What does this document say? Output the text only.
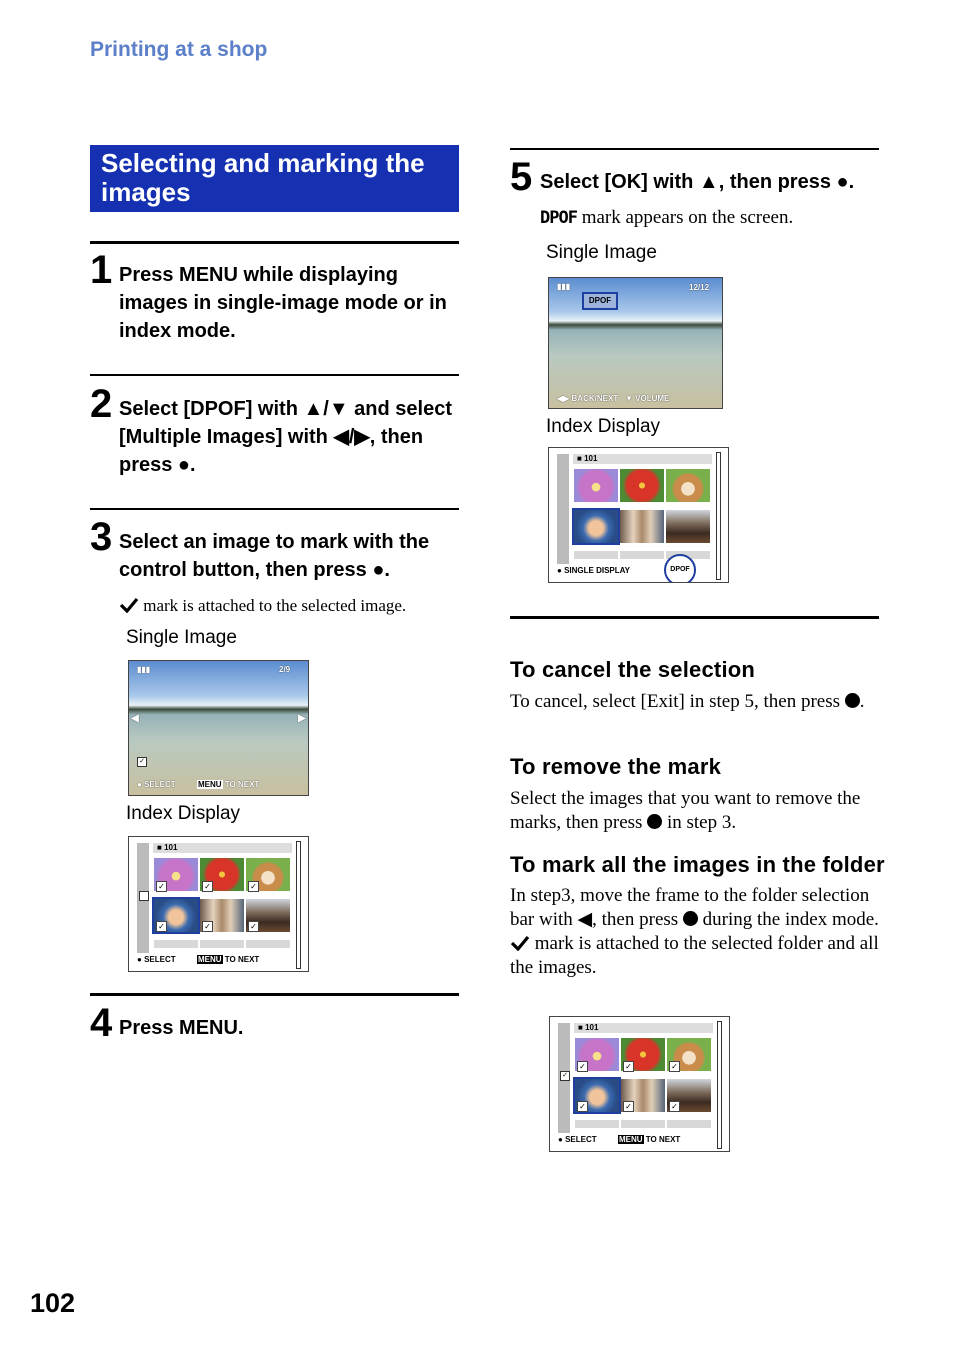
Printing at a shop
Selecting and marking the images
1 Press MENU while displaying images in single-image mode or in index mode.
2 Select [DPOF] with ▲/▼ and select [Multiple Images] with ◀/▶, then press ●.
3 Select an image to mark with the control button, then press ●.
mark is attached to the selected image.
Single Image
▮▮▮	2/9
◀	▶
✓
● SELECT	MENU TO NEXT
Index Display
■ 101
✓	✓	✓
✓	✓	✓
● SELECT	MENU TO NEXT
4 Press MENU.
5 Select [OK] with ▲, then press ●.
DPOF mark appears on the screen.
Single Image
▮▮▮	12/12
DPOF
◀▶ BACK/NEXT ▼ VOLUME
Index Display
■ 101
● SINGLE DISPLAY	DPOF
To cancel the selection
To cancel, select [Exit] in step 5, then press .
To remove the mark
Select the images that you want to remove the marks, then press in step 3.
To mark all the images in the folder
In step3, move the frame to the folder selection bar with ◀, then press during the index mode.
mark is attached to the selected folder and all the images.
✓
■ 101
✓	✓	✓
✓	✓	✓
● SELECT	MENU TO NEXT
102
